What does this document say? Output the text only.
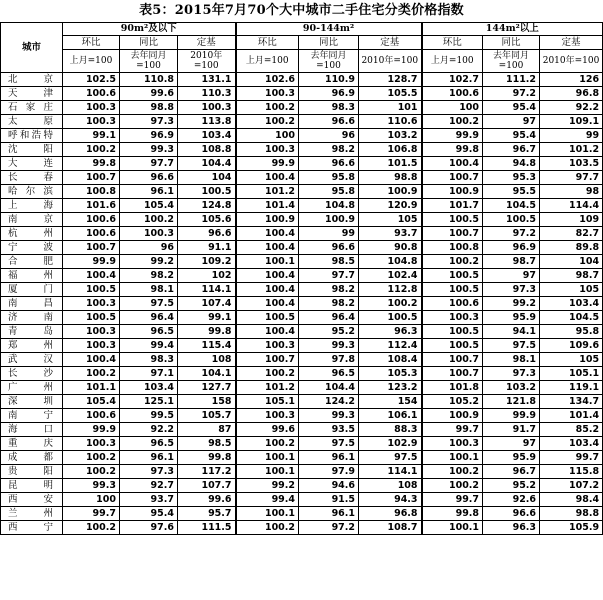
表5：2015年7月70个大中城市二手住宅分类价格指数
城市	90m²及以下			90-144m²			144m²以上		
	环比	同比	定基	环比	同比	定基	环比	同比	定基
	上月=100	去年同月=100	2010年=100	上月=100	去年同月=100	2010年=100	上月=100	去年同月=100	2010年=100
北京	102.5	110.8	131.1	102.6	110.9	128.7	102.7	111.2	126
天津	100.6	99.6	110.3	100.3	96.9	105.5	100.6	97.2	96.8
石家庄	100.3	98.8	100.3	100.2	98.3	101	100	95.4	92.2
太原	100.3	97.3	113.8	100.2	96.6	110.6	100.2	97	109.1
呼和浩特	99.1	96.9	103.4	100	96	103.2	99.9	95.4	99
沈阳	100.2	99.3	108.8	100.3	98.2	106.8	99.8	96.7	101.2
大连	99.8	97.7	104.4	99.9	96.6	101.5	100.4	94.8	103.5
长春	100.7	96.6	104	100.4	95.8	98.8	100.7	95.3	97.7
哈尔滨	100.8	96.1	100.5	101.2	95.8	100.9	100.9	95.5	98
上海	101.6	105.4	124.8	101.4	104.8	120.9	101.7	104.5	114.4
南京	100.6	100.2	105.6	100.9	100.9	105	100.5	100.5	109
杭州	100.6	100.3	96.6	100.4	99	93.7	100.7	97.2	82.7
宁波	100.7	96	91.1	100.4	96.6	90.8	100.8	96.9	89.8
合肥	99.9	99.2	109.2	100.1	98.5	104.8	100.2	98.7	104
福州	100.4	98.2	102	100.4	97.7	102.4	100.5	97	98.7
厦门	100.5	98.1	114.1	100.4	98.2	112.8	100.5	97.3	105
南昌	100.3	97.5	107.4	100.4	98.2	100.2	100.6	99.2	103.4
济南	100.5	96.4	99.1	100.5	96.4	100.5	100.3	95.9	104.5
青岛	100.3	96.5	99.8	100.4	95.2	96.3	100.5	94.1	95.8
郑州	100.3	99.4	115.4	100.3	99.3	112.4	100.5	97.5	109.6
武汉	100.4	98.3	108	100.7	97.8	108.4	100.7	98.1	105
长沙	100.2	97.1	104.1	100.2	96.5	105.3	100.7	97.3	105.1
广州	101.1	103.4	127.7	101.2	104.4	123.2	101.8	103.2	119.1
深圳	105.4	125.1	158	105.1	124.2	154	105.2	121.8	134.7
南宁	100.6	99.5	105.7	100.3	99.3	106.1	100.9	99.9	101.4
海口	99.9	92.2	87	99.6	93.5	88.3	99.7	91.7	85.2
重庆	100.3	96.5	98.5	100.2	97.5	102.9	100.3	97	103.4
成都	100.2	96.1	99.8	100.1	96.1	97.5	100.1	95.9	99.7
贵阳	100.2	97.3	117.2	100.1	97.9	114.1	100.2	96.7	115.8
昆明	99.3	92.7	107.7	99.2	94.6	108	100.2	95.2	107.2
西安	100	93.7	99.6	99.4	91.5	94.3	99.7	92.6	98.4
兰州	99.7	95.4	95.7	100.1	96.1	96.8	99.8	96.6	98.8
西宁	100.2	97.6	111.5	100.2	97.2	108.7	100.1	96.3	105.9
